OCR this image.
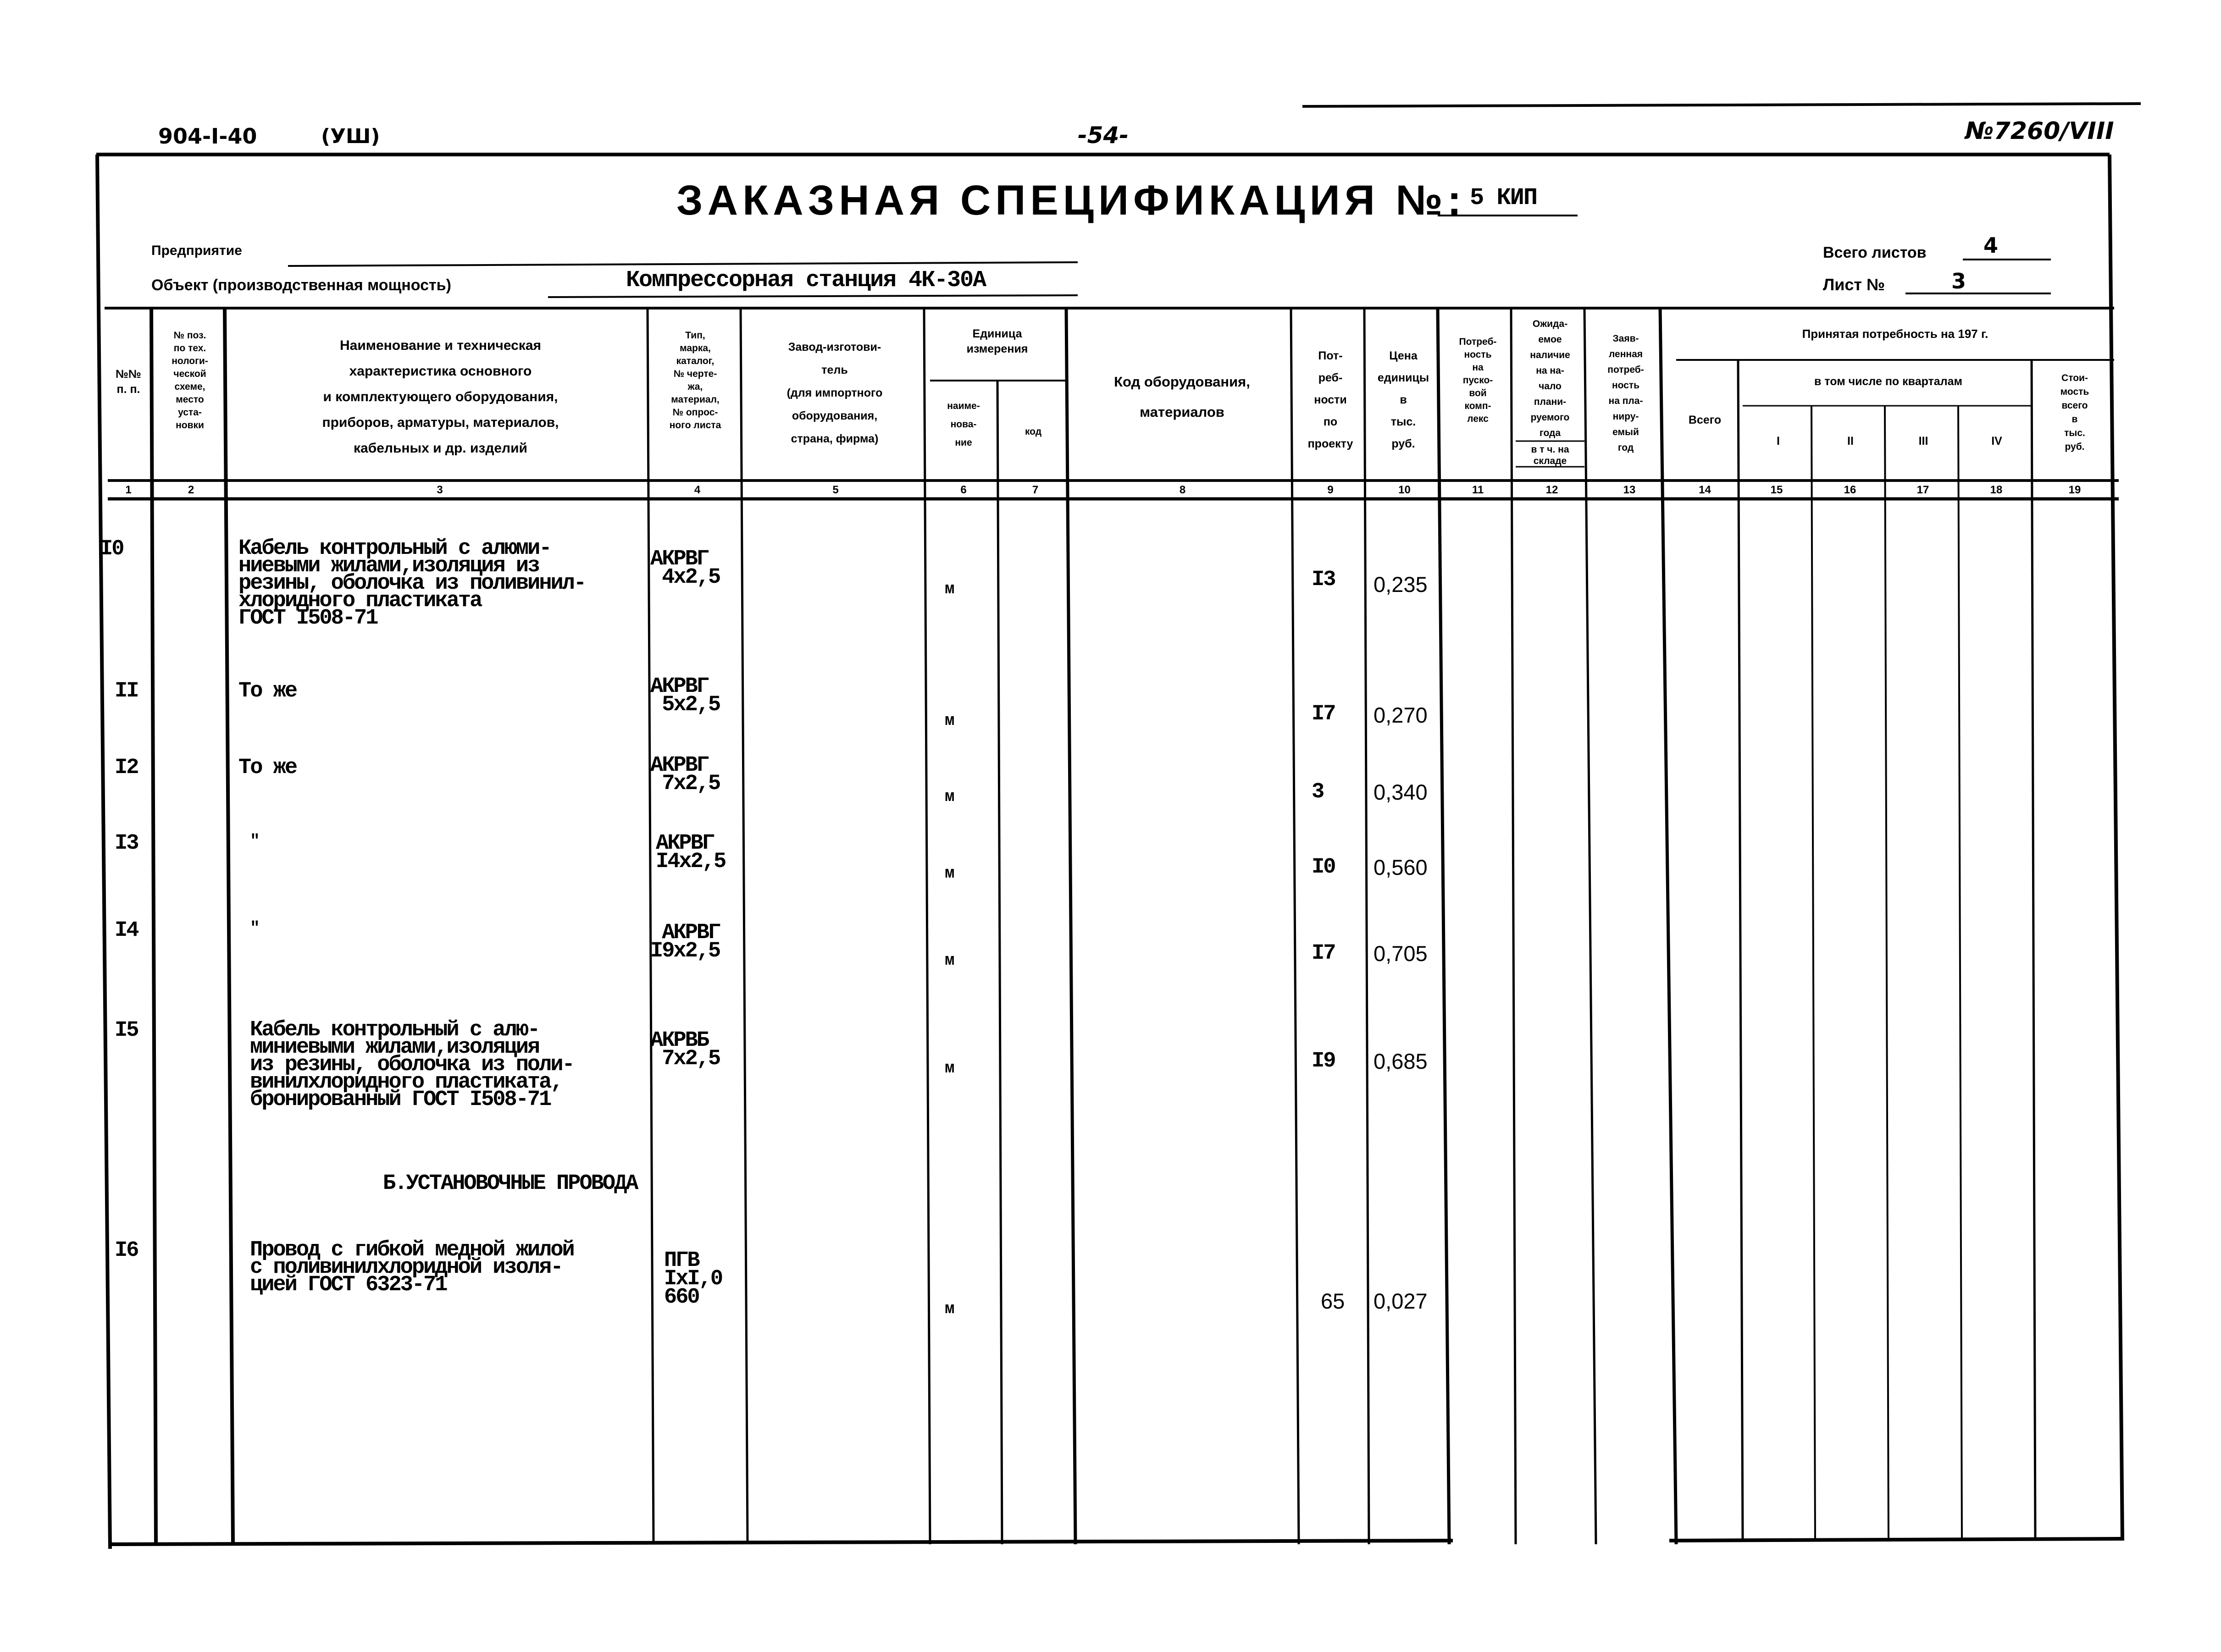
904-I-40	(УШ)	-54-	№7260/VIII
ЗАКАЗНАЯ СПЕЦИФИКАЦИЯ №: 5 КИП
Предприятие
Объект (производственная мощность)	Компрессорная станция 4К-30А
Всего листов	4
Лист №	3
№№
п. п.
№ поз.
по тех.
нологи-
ческой
схеме,
место
уста-
новки
Наименование и техническая
характеристика основного
и комплектующего оборудования,
приборов, арматуры, материалов,
кабельных и др. изделий
Тип,
марка,
каталог,
№ черте-
жа,
материал,
№ опрос-
ного листа
Завод-изготови-
тель
(для импортного
оборудования,
страна, фирма)
Единица
измерения
наиме-
нова-
ние
код
Код оборудования,
материалов
Пот-
реб-
ности
по
проекту
Цена
единицы
в
тыс.
руб.
Потреб-
ность
на
пуско-
вой
комп-
лекс
Ожида-
емое
наличие
на на-
чало
плани-
руемого
года
в т ч. на
складе
Заяв-
ленная
потреб-
ность
на пла-
ниру-
емый
год
Принятая потребность на 197 г.
Всего
в том числе по кварталам
I	II	III	IV
Стои-
мость
всего
в
тыс.
руб.
1	2	3	4	5	6	7	8	9	10	11	12	13	14	15	16	17	18	19
I0	Кабель контрольный с алюми-
ниевыми жилами,изоляция из
резины, оболочка из поливинил-
хлоридного пластиката
ГОСТ I508-71
АКРВГ
4х2,5	м	I3 0,235
II	То же	АКРВГ
5х2,5
м	I7 0,270
I2	То же	АКРВГ
7х2,5
м	3 0,340
I3	"	АКРВГ
I4х2,5	м	I0 0,560
I4	"	АКРВГ
I9х2,5	м	I7 0,705
I5	Кабель контрольный с алю-
миниевыми жилами,изоляция
из резины, оболочка из поли-
винилхлоридного пластиката,
бронированный ГОСТ I508-71
АКРВБ
7х2,5	м	I9 0,685
Б.УСТАНОВОЧНЫЕ ПРОВОДА
I6	Провод с гибкой медной жилой
с поливинилхлоридной изоля-
цией ГОСТ 6323-71
ПГВ
IхI,0
660	м	65 0,027
